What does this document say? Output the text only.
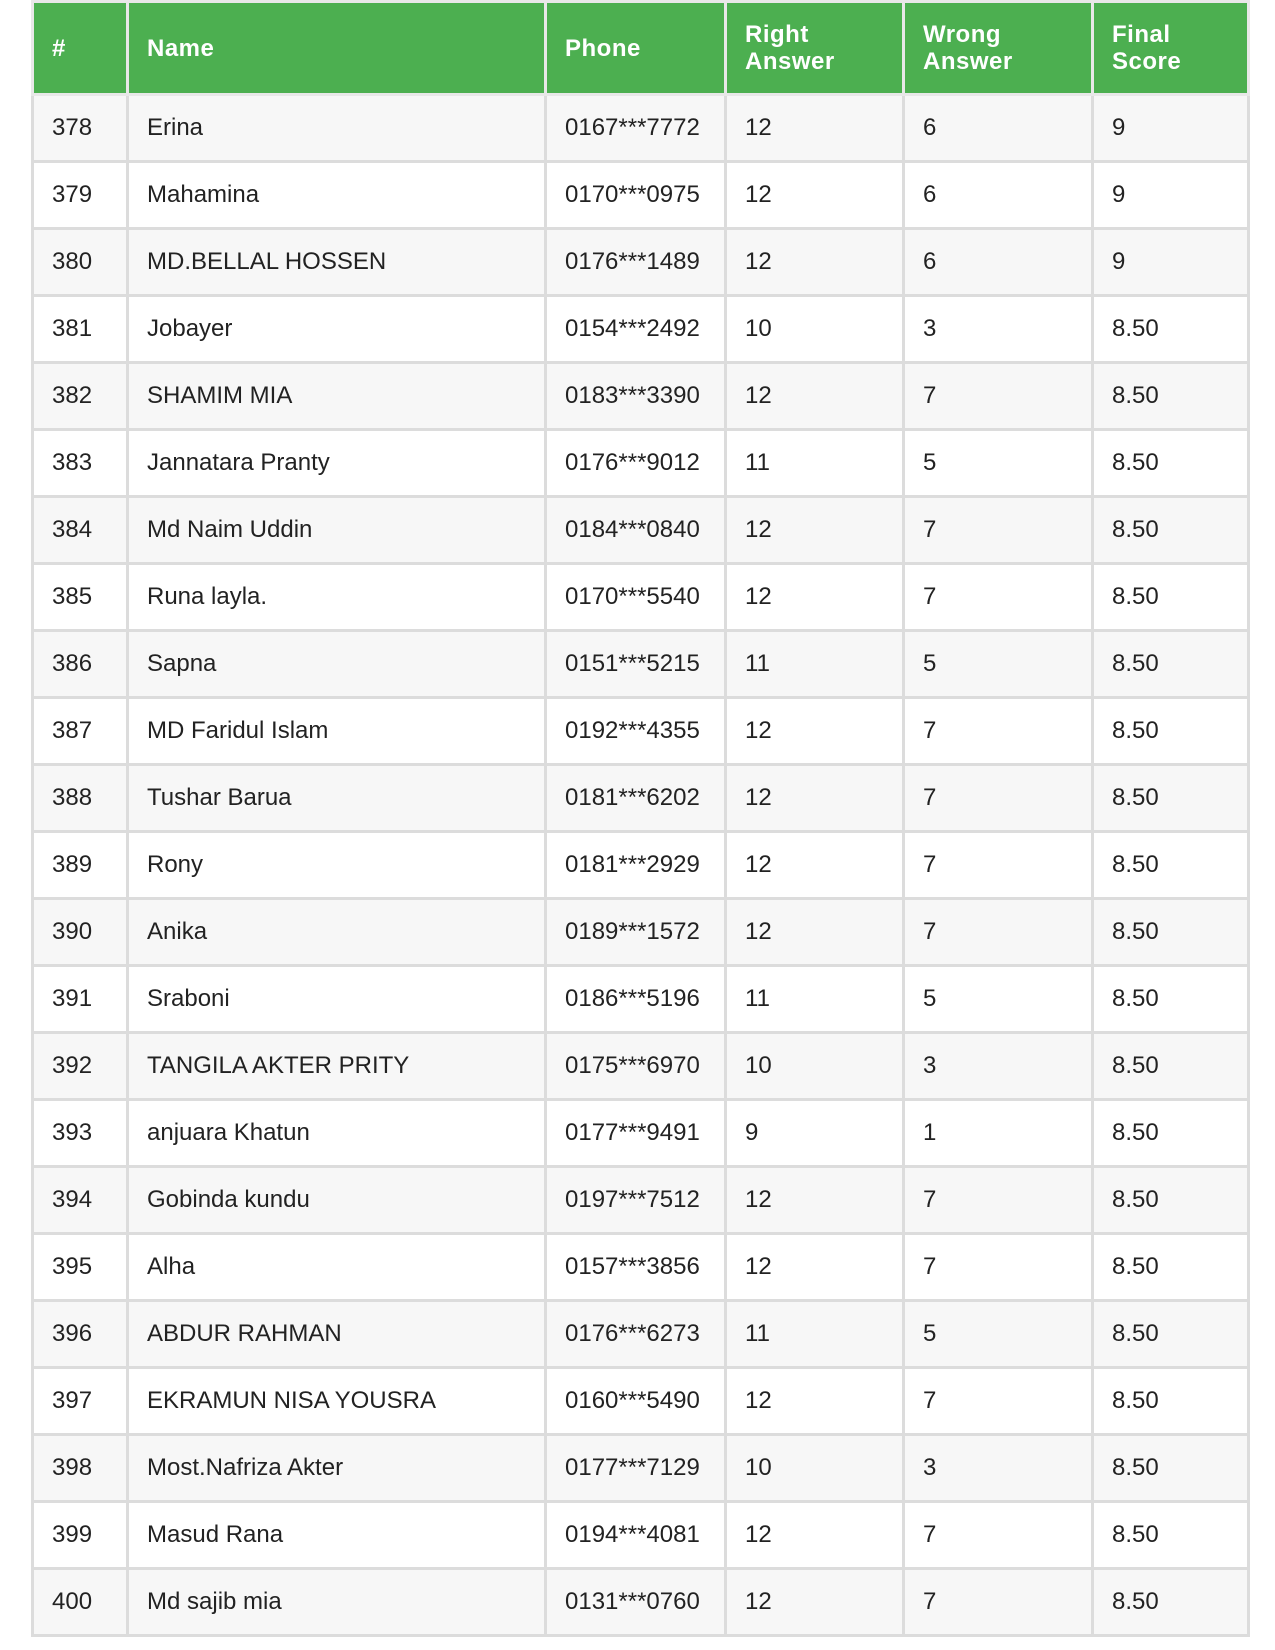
#	Name	Phone	Right Answer	Wrong Answer	Final Score
378	Erina	0167***7772	12	6	9
379	Mahamina	0170***0975	12	6	9
380	MD.BELLAL HOSSEN	0176***1489	12	6	9
381	Jobayer	0154***2492	10	3	8.50
382	SHAMIM MIA	0183***3390	12	7	8.50
383	Jannatara Pranty	0176***9012	11	5	8.50
384	Md Naim Uddin	0184***0840	12	7	8.50
385	Runa layla.	0170***5540	12	7	8.50
386	Sapna	0151***5215	11	5	8.50
387	MD Faridul Islam	0192***4355	12	7	8.50
388	Tushar Barua	0181***6202	12	7	8.50
389	Rony	0181***2929	12	7	8.50
390	Anika	0189***1572	12	7	8.50
391	Sraboni	0186***5196	11	5	8.50
392	TANGILA AKTER PRITY	0175***6970	10	3	8.50
393	anjuara Khatun	0177***9491	9	1	8.50
394	Gobinda kundu	0197***7512	12	7	8.50
395	Alha	0157***3856	12	7	8.50
396	ABDUR RAHMAN	0176***6273	11	5	8.50
397	EKRAMUN NISA YOUSRA	0160***5490	12	7	8.50
398	Most.Nafriza Akter	0177***7129	10	3	8.50
399	Masud Rana	0194***4081	12	7	8.50
400	Md sajib mia	0131***0760	12	7	8.50
